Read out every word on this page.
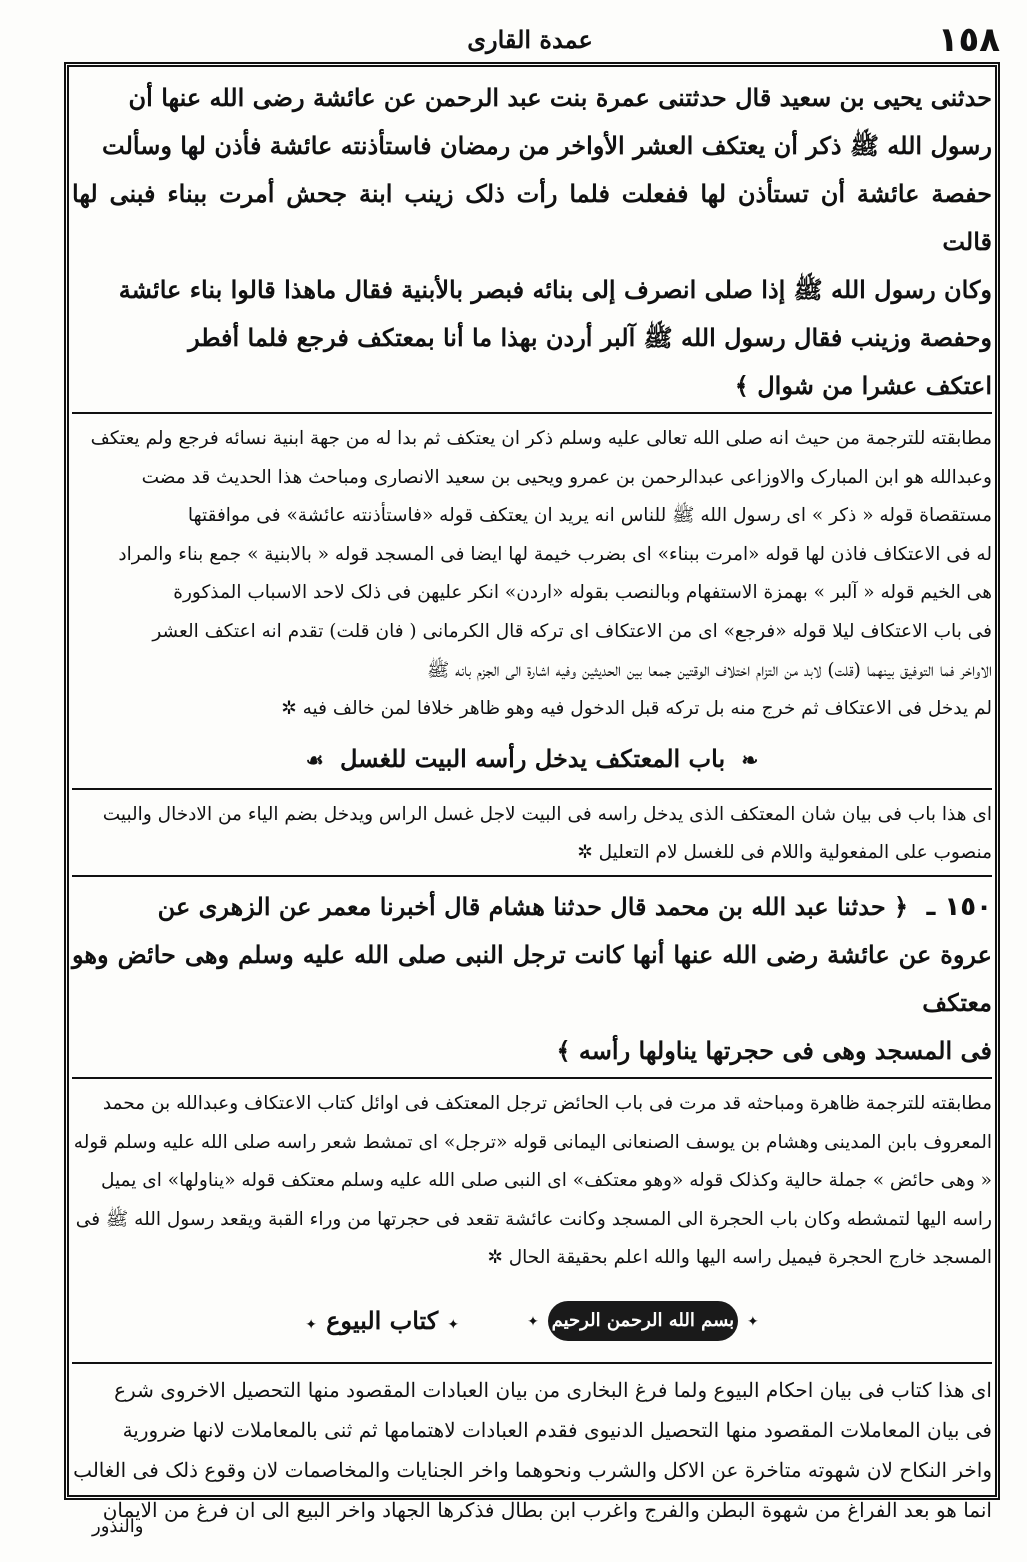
١٥٨
عمدة القاری

حدثنی یحیی بن سعید قال حدثتنی عمرة بنت عبد الرحمن عن عائشة رضی الله عنها أن
رسول الله ﷺ ذکر أن یعتکف العشر الأواخر من رمضان فاستأذنته عائشة فأذن لها وسألت
حفصة عائشة أن تستأذن لها ففعلت فلما رأت ذلک زینب ابنة جحش أمرت ببناء فبنی لها قالت
وکان رسول الله ﷺ إذا صلی انصرف إلی بنائه فبصر بالأبنیة فقال ماهذا قالوا بناء عائشة
وحفصة وزینب فقال رسول الله ﷺ آلبر أردن بهذا ما أنا بمعتکف فرجع فلما أفطر
اعتکف عشرا من شوال ﴾

مطابقته للترجمة من حیث انه صلی الله تعالی علیه وسلم ذکر ان یعتکف ثم بدا له من جهة ابنیة نسائه فرجع ولم یعتکف
وعبدالله هو ابن المبارک والاوزاعی عبدالرحمن بن عمرو ویحیی بن سعید الانصاری ومباحث هذا الحدیث قد مضت
مستقصاة قوله « ذکر » ای رسول الله ﷺ للناس انه یرید ان یعتکف قوله «فاستأذنته عائشة» فی موافقتها
له فی الاعتکاف فاذن لها قوله «امرت ببناء» ای بضرب خیمة لها ایضا فی المسجد قوله « بالابنیة » جمع بناء والمراد
هی الخیم قوله « آلبر » بهمزة الاستفهام وبالنصب بقوله «اردن» انکر علیهن فی ذلک لاحد الاسباب المذکورة
فی باب الاعتکاف لیلا قوله «فرجع» ای من الاعتکاف ای ترکه قال الکرمانی ( فان قلت) تقدم انه اعتکف العشر
الاواخر فما التوفیق بینهما (قلت) لابد من التزام اختلاف الوقتین جمعا بین الحدیثین وفیه اشارة الی الجزم بانه ﷺ
لم یدخل فی الاعتکاف ثم خرج منه بل ترکه قبل الدخول فیه وهو ظاهر خلافا لمن خالف فیه ✲

❧ باب المعتکف یدخل رأسه البیت للغسل ☙

ای هذا باب فی بیان شان المعتکف الذی یدخل راسه فی البیت لاجل غسل الراس ویدخل بضم الیاء من الادخال والبیت
منصوب علی المفعولیة واللام فی للغسل لام التعلیل ✲

١٥٠ ـ ﴿ حدثنا عبد الله بن محمد قال حدثنا هشام قال أخبرنا معمر عن الزهری عن
عروة عن عائشة رضی الله عنها أنها کانت ترجل النبی صلی الله علیه وسلم وهی حائض وهو معتکف
فی المسجد وهی فی حجرتها یناولها رأسه ﴾

مطابقته للترجمة ظاهرة ومباحثه قد مرت فی باب الحائض ترجل المعتکف فی اوائل کتاب الاعتکاف وعبدالله بن محمد
المعروف بابن المدینی وهشام بن یوسف الصنعانی الیمانی قوله «ترجل» ای تمشط شعر راسه صلی الله علیه وسلم قوله
« وهی حائض » جملة حالیة وکذلک قوله «وهو معتکف» ای النبی صلی الله علیه وسلم معتکف قوله «یناولها» ای یمیل
راسه الیها لتمشطه وکان باب الحجرة الی المسجد وکانت عائشة تقعد فی حجرتها من وراء القبة ویقعد رسول الله ﷺ فی
المسجد خارج الحجرة فیمیل راسه الیها والله اعلم بحقیقة الحال ✲

✦ بسم الله الرحمن الرحیم ✦
✦ کتاب البیوع ✦

ای هذا کتاب فی بیان احکام البیوع ولما فرغ البخاری من بیان العبادات المقصود منها التحصیل الاخروی شرع
فی بیان المعاملات المقصود منها التحصیل الدنیوی فقدم العبادات لاهتمامها ثم ثنی بالمعاملات لانها ضروریة
واخر النکاح لان شهوته متاخرة عن الاکل والشرب ونحوهما واخر الجنایات والمخاصمات لان وقوع ذلک فی الغالب
انما هو بعد الفراغ من شهوة البطن والفرج واغرب ابن بطال فذکرها الجهاد واخر البیع الی ان فرغ من الایمان

والنذور
